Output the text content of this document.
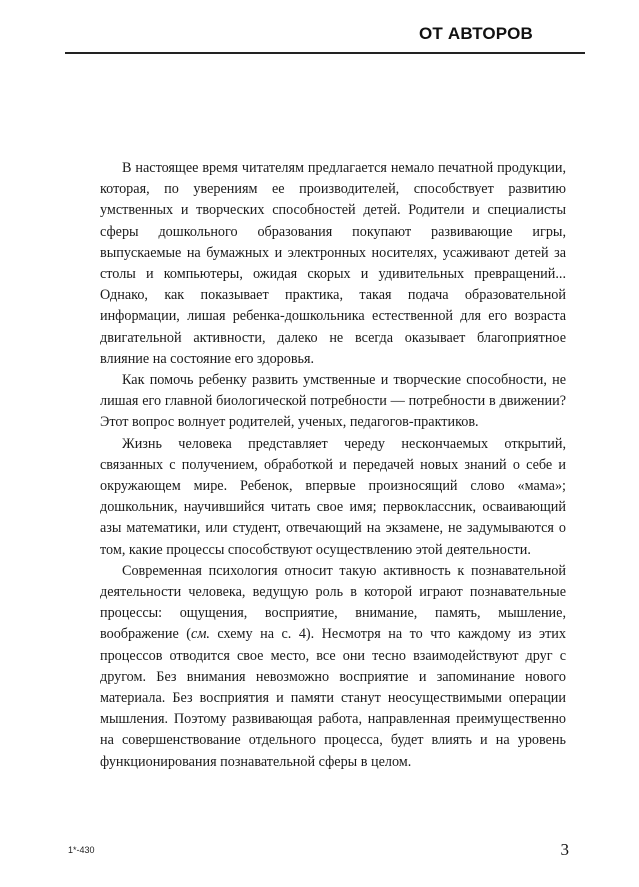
ОТ АВТОРОВ

В настоящее время читателям предлагается немало печатной продукции, которая, по уверениям ее производителей, способствует развитию умственных и творческих способностей детей. Родители и специалисты сферы дошкольного образования покупают развивающие игры, выпускаемые на бумажных и электронных носителях, усаживают детей за столы и компьютеры, ожидая скорых и удивительных превращений... Однако, как показывает практика, такая подача образовательной информации, лишая ребенка-дошкольника естественной для его возраста двигательной активности, далеко не всегда оказывает благоприятное влияние на состояние его здоровья.

Как помочь ребенку развить умственные и творческие способности, не лишая его главной биологической потребности — потребности в движении? Этот вопрос волнует родителей, ученых, педагогов-практиков.

Жизнь человека представляет череду нескончаемых открытий, связанных с получением, обработкой и передачей новых знаний о себе и окружающем мире. Ребенок, впервые произносящий слово «мама»; дошкольник, научившийся читать свое имя; первоклассник, осваивающий азы математики, или студент, отвечающий на экзамене, не задумываются о том, какие процессы способствуют осуществлению этой деятельности.

Современная психология относит такую активность к познавательной деятельности человека, ведущую роль в которой играют познавательные процессы: ощущения, восприятие, внимание, память, мышление, воображение (см. схему на с. 4). Несмотря на то что каждому из этих процессов отводится свое место, все они тесно взаимодействуют друг с другом. Без внимания невозможно восприятие и запоминание нового материала. Без восприятия и памяти станут неосуществимыми операции мышления. Поэтому развивающая работа, направленная преимущественно на совершенствование отдельного процесса, будет влиять и на уровень функционирования познавательной сферы в целом.

1*-430	3
